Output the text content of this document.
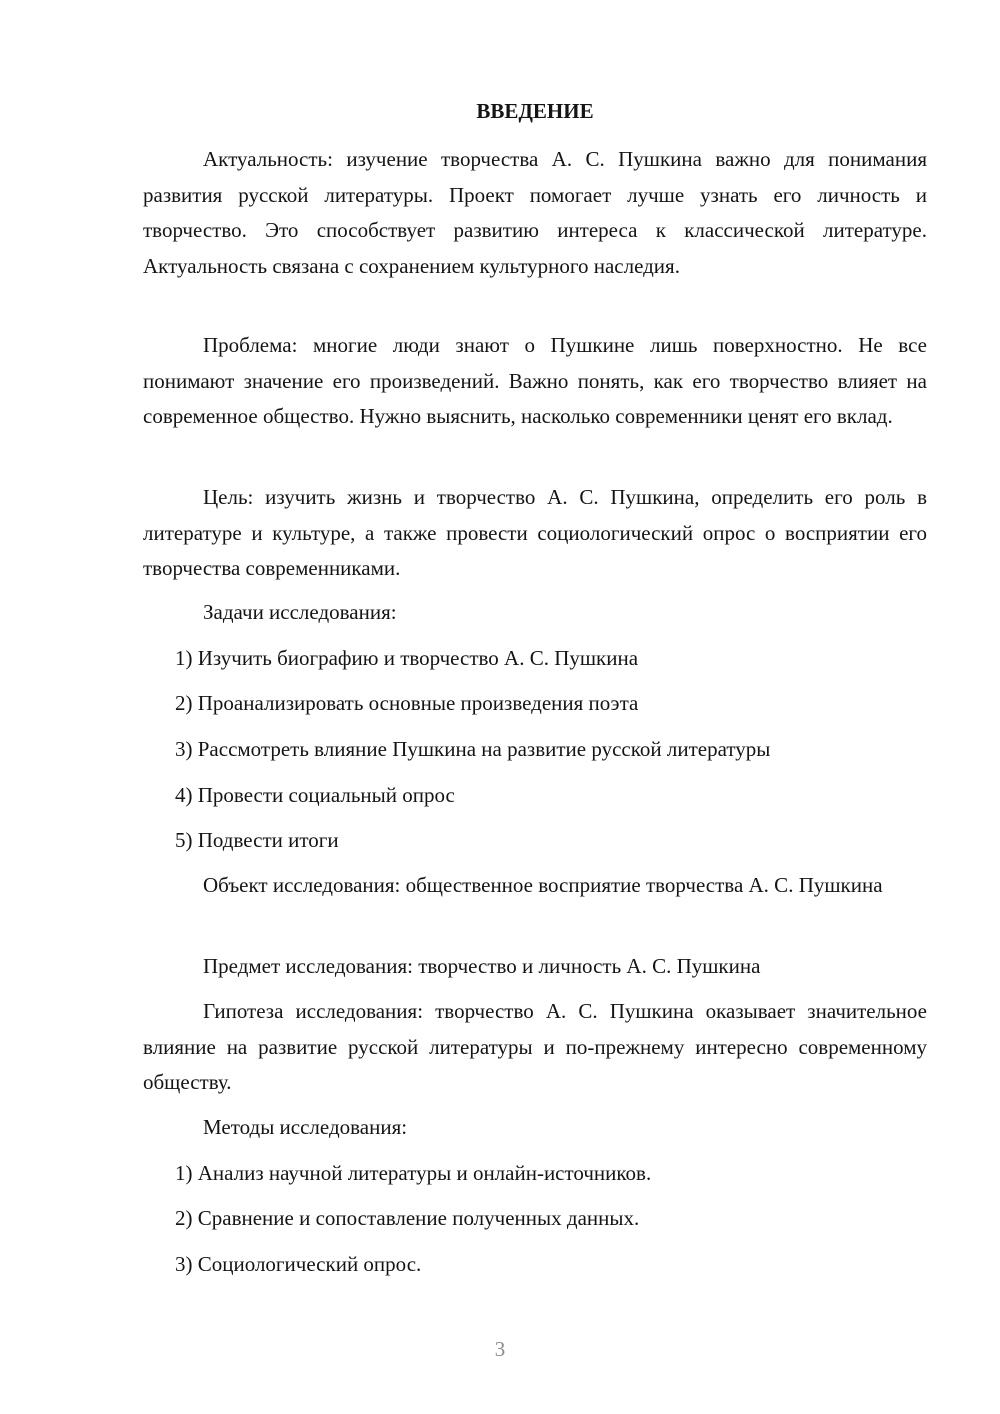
ВВЕДЕНИЕ

Актуальность: изучение творчества А. С. Пушкина важно для понимания развития русской литературы. Проект помогает лучше узнать его личность и творчество. Это способствует развитию интереса к классической литературе. Актуальность связана с сохранением культурного наследия.

Проблема: многие люди знают о Пушкине лишь поверхностно. Не все понимают значение его произведений. Важно понять, как его творчество влияет на современное общество. Нужно выяснить, насколько современники ценят его вклад.

Цель: изучить жизнь и творчество А. С. Пушкина, определить его роль в литературе и культуре, а также провести социологический опрос о восприятии его творчества современниками.

Задачи исследования:

1) Изучить биографию и творчество А. С. Пушкина

2) Проанализировать основные произведения поэта

3) Рассмотреть влияние Пушкина на развитие русской литературы

4) Провести социальный опрос

5) Подвести итоги

Объект исследования: общественное восприятие творчества А. С. Пушкина

Предмет исследования: творчество и личность А. С. Пушкина

Гипотеза исследования: творчество А. С. Пушкина оказывает значительное влияние на развитие русской литературы и по-прежнему интересно современному обществу.

Методы исследования:

1) Анализ научной литературы и онлайн-источников.

2) Сравнение и сопоставление полученных данных.

3) Социологический опрос.

3
